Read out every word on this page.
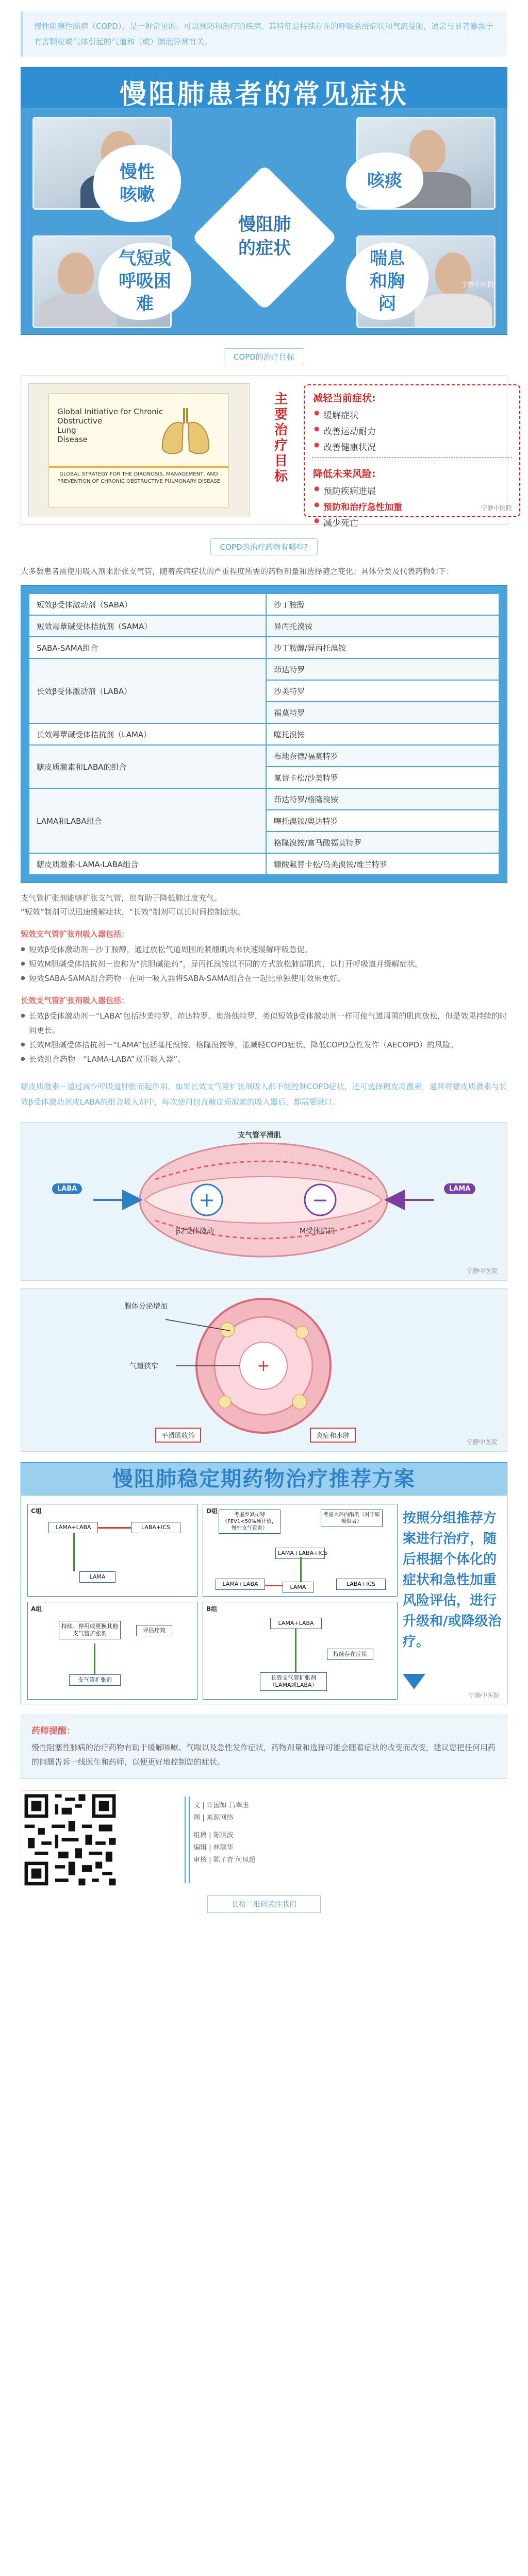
慢性阻塞性肺病（COPD），是一种常见的、可以预防和治疗的疾病，其特征是持续存在的呼吸系统症状和气流受限，通常与显著暴露于有害颗粒或气体引起的气道和（或）肺泡异常有关。
慢阻肺患者的常见症状
慢性咳嗽
咳痰
气短或呼吸困难
喘息和胸闷
慢阻肺的症状
宁静中医院
COPD的治疗目标
Global Initiative for Chronic
Obstructive
Lung
Disease
GLOBAL STRATEGY FOR THE DIAGNOSIS, MANAGEMENT, AND PREVENTION OF CHRONIC OBSTRUCTIVE PULMONARY DISEASE
主要治疗目标
减轻当前症状:
● 缓解症状
● 改善运动耐力
● 改善健康状况
降低未来风险:
● 预防疾病进展
● 预防和治疗急性加重
● 减少死亡
宁静中医院
COPD的治疗药物有哪些?
大多数患者需使用吸入剂来舒张支气管，随着疾病症状的严重程度所需的药物剂量和选择随之变化；具体分类及代表药物如下：
短效β受体激动剂（SABA）	沙丁胺醇
短效毒蕈碱受体拮抗剂（SAMA）	异丙托溴铵
SABA-SAMA组合	沙丁胺醇/异丙托溴铵
长效β受体激动剂（LABA）	茚达特罗
	沙美特罗
	福莫特罗
长效毒蕈碱受体拮抗剂（LAMA）	噻托溴铵
糖皮质激素和LABA的组合	布地奈德/福莫特罗
	氟替卡松/沙美特罗
LAMA和LABA组合	茚达特罗/格隆溴铵
	噻托溴铵/奥达特罗
	格隆溴铵/富马酸福莫特罗
糖皮质激素-LAMA-LABA组合	糠酸氟替卡松/乌美溴铵/维兰特罗
支气管扩张剂能够扩张支气管，也有助于降低肺过度充气。
“短效”制剂可以迅速缓解症状，“长效”制剂可以长时间控制症状。
短效支气管扩张剂吸入器包括：
● 短效β受体激动剂－沙丁胺醇，通过放松气道周围的紧绷肌肉来快速缓解呼吸急促。
● 短效M胆碱受体拮抗剂－也称为“抗胆碱能药”，异丙托溴铵以不同的方式放松肺部肌肉，以打开呼吸道并缓解症状。
● 短效SABA-SAMA组合药物－在同一吸入器将SABA-SAMA组合在一起比单独使用效果更好。
长效支气管扩张剂吸入器包括：
● 长效β受体激动剂－“LABA”包括沙美特罗、茚达特罗、奥洛他特罗，类似短效β受体激动剂一样可使气道周围的肌肉放松，但是效果持续的时间更长。
● 长效M胆碱受体拮抗剂－“LAMA”包括噻托溴铵、格隆溴铵等，能减轻COPD症状、降低COPD急性发作（AECOPD）的风险。
● 长效组合药物－“LAMA-LABA”双重吸入器”。
糖皮质激素－通过减少呼吸道肿胀而起作用。如果长效支气管扩张剂吸入都不能控制COPD症状，还可选择糖皮质激素，通常将糖皮质激素与长效β受体激动剂或LABA的组合吸入剂中，每次使用包含糖皮质激素的吸入器后，都需要漱口。
+	−
支气管平滑肌
LABA	LAMA
β2受体激动	M受体拮抗
宁静中医院
+
腺体分泌增加
气道狭窄
平滑肌收缩	炎症和水肿
宁静中医院
慢阻肺稳定期药物治疗推荐方案
C组
LAMA+LABA	LABA+ICS
LAMA
D组
考虑罗氟司特（FEV1<50%预计值，慢性支气管炎）
考虑大环内酯类（对于原吸烟者）
LAMA+LABA+ICS
LAMA+LABA	LABA+ICS
LAMA
A组
持续、停用或更换其他支气管扩张剂	评估疗效
支气管扩张剂
B组
LAMA+LABA
持续存在症状
长效支气管扩张剂（LAMA或LABA）
按照分组推荐方案进行治疗，随后根据个体化的症状和急性加重风险评估，进行升级和/或降级治疗。
宁静中医院
药师提醒：
慢性阻塞性肺病的治疗药物有助于缓解咳嗽、气喘以及急性发作症状，药物剂量和选择可能会随着症状的改变而改变，建议您把任何用药的问题告诉一线医生和药师，以便更好地控制您的症状。
文 | 许国如 吕翠玉
图 | 来源网络
组稿 | 陈洪波
编辑 | 林敏华
审核 | 陈子青 何凤超
长按二维码关注我们
